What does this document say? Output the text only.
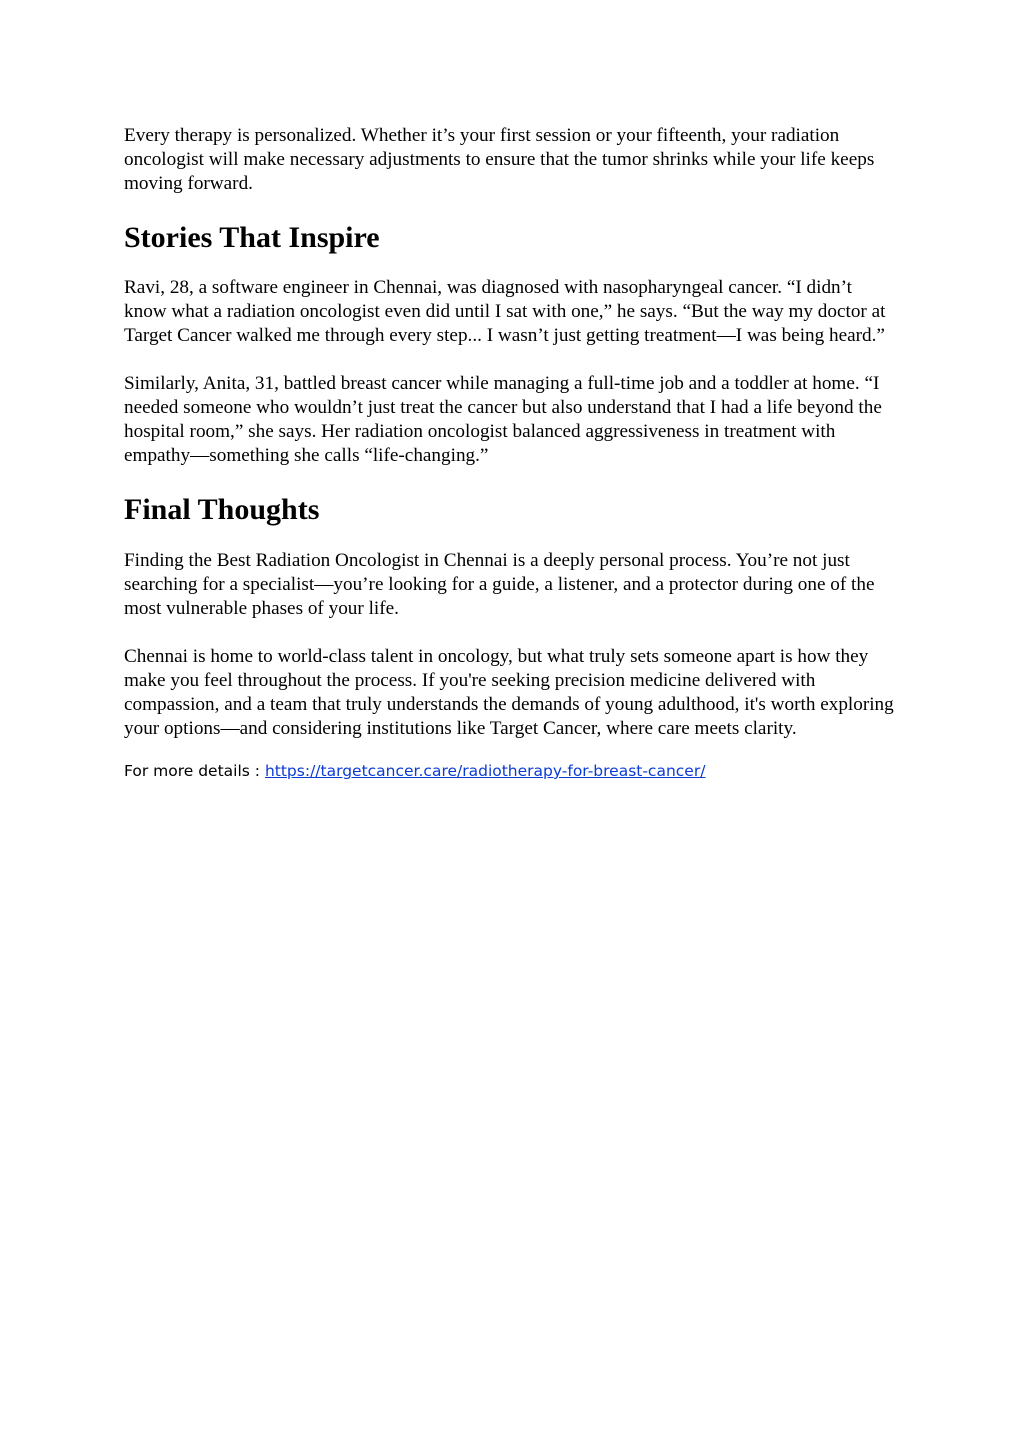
Every therapy is personalized. Whether it’s your first session or your fifteenth, your radiation oncologist will make necessary adjustments to ensure that the tumor shrinks while your life keeps moving forward.

Stories That Inspire

Ravi, 28, a software engineer in Chennai, was diagnosed with nasopharyngeal cancer. “I didn’t know what a radiation oncologist even did until I sat with one,” he says. “But the way my doctor at Target Cancer walked me through every step... I wasn’t just getting treatment—I was being heard.”

Similarly, Anita, 31, battled breast cancer while managing a full-time job and a toddler at home. “I needed someone who wouldn’t just treat the cancer but also understand that I had a life beyond the hospital room,” she says. Her radiation oncologist balanced aggressiveness in treatment with empathy—something she calls “life-changing.”

Final Thoughts

Finding the Best Radiation Oncologist in Chennai is a deeply personal process. You’re not just searching for a specialist—you’re looking for a guide, a listener, and a protector during one of the most vulnerable phases of your life.

Chennai is home to world-class talent in oncology, but what truly sets someone apart is how they make you feel throughout the process. If you're seeking precision medicine delivered with compassion, and a team that truly understands the demands of young adulthood, it's worth exploring your options—and considering institutions like Target Cancer, where care meets clarity.

For more details : https://targetcancer.care/radiotherapy-for-breast-cancer/
